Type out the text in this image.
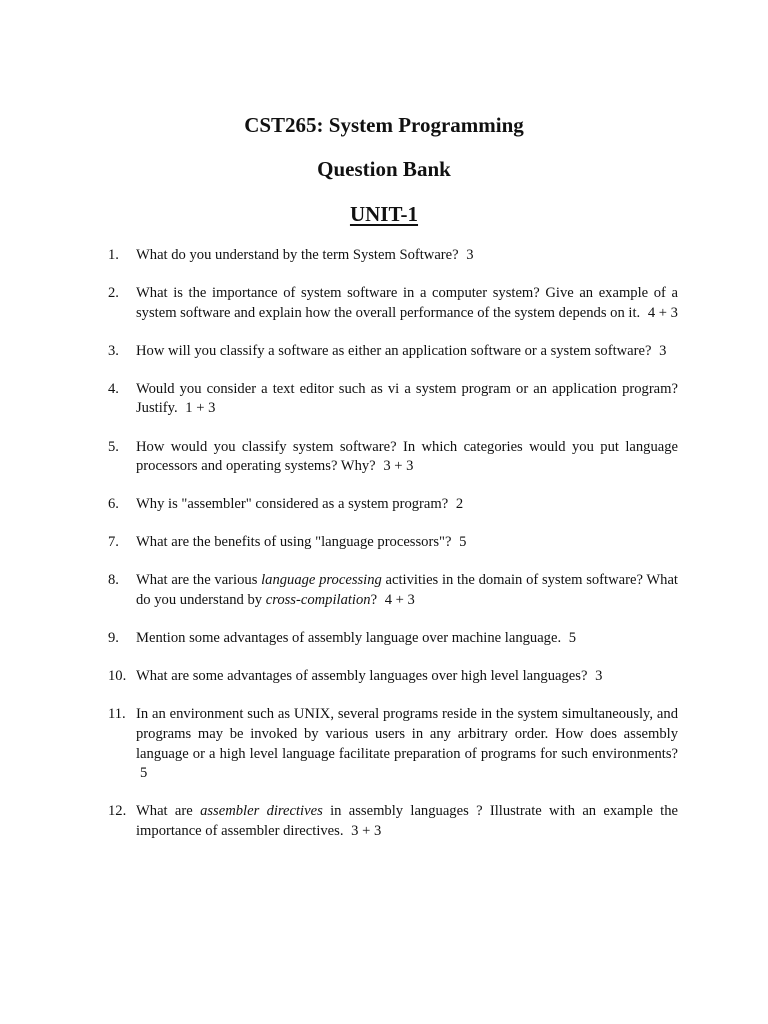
CST265: System Programming
Question Bank
UNIT-1
1. What do you understand by the term System Software? 3
2. What is the importance of system software in a computer system? Give an example of a system software and explain how the overall performance of the system depends on it. 4 + 3
3. How will you classify a software as either an application software or a system software? 3
4. Would you consider a text editor such as vi a system program or an application program? Justify. 1 + 3
5. How would you classify system software? In which categories would you put language processors and operating systems? Why? 3 + 3
6. Why is "assembler" considered as a system program? 2
7. What are the benefits of using "language processors"? 5
8. What are the various language processing activities in the domain of system software? What do you understand by cross-compilation? 4 + 3
9. Mention some advantages of assembly language over machine language. 5
10. What are some advantages of assembly languages over high level languages? 3
11. In an environment such as UNIX, several programs reside in the system simultaneously, and programs may be invoked by various users in any arbitrary order. How does assembly language or a high level language facilitate preparation of programs for such environments? 5
12. What are assembler directives in assembly languages ? Illustrate with an example the importance of assembler directives. 3 + 3
